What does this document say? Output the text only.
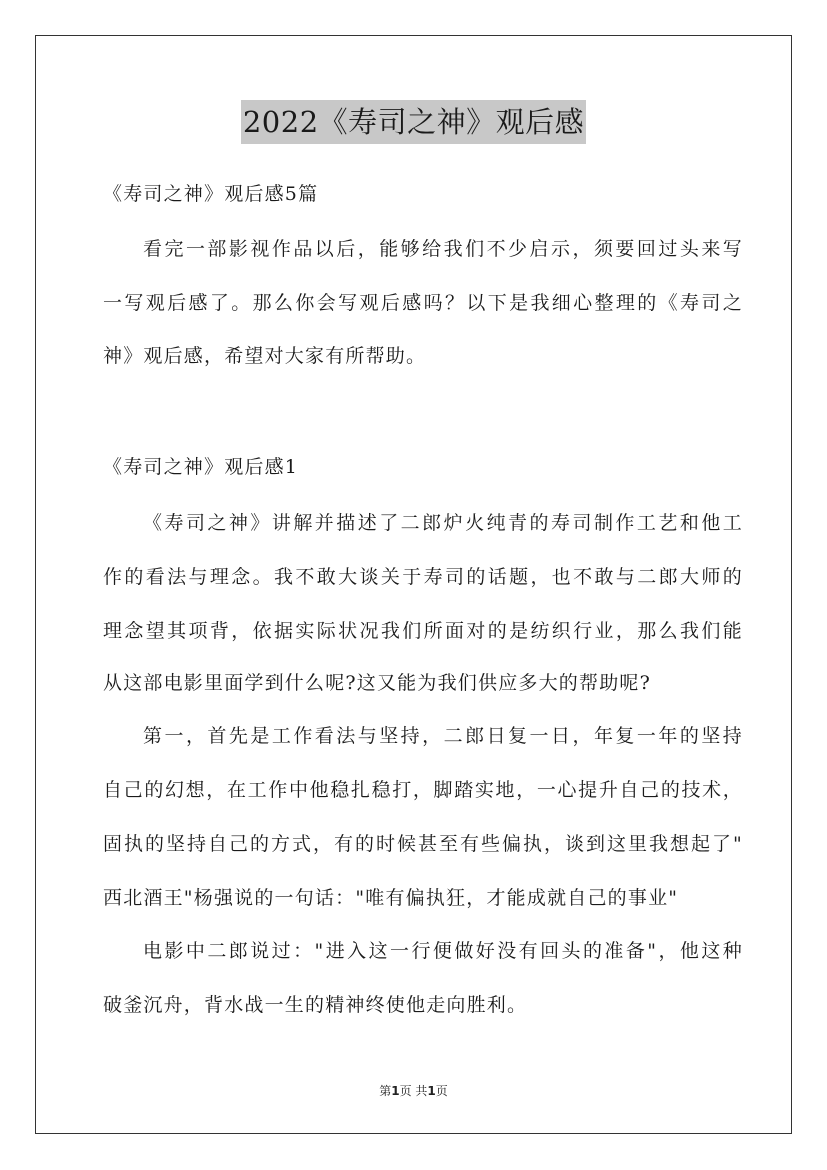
2022《寿司之神》观后感
《寿司之神》观后感5篇
看完一部影视作品以后，能够给我们不少启示，须要回过头来写
一写观后感了。那么你会写观后感吗？以下是我细心整理的《寿司之
神》观后感，希望对大家有所帮助。
《寿司之神》观后感1
《寿司之神》讲解并描述了二郎炉火纯青的寿司制作工艺和他工
作的看法与理念。我不敢大谈关于寿司的话题，也不敢与二郎大师的
理念望其项背，依据实际状况我们所面对的是纺织行业，那么我们能
从这部电影里面学到什么呢?这又能为我们供应多大的帮助呢?
第一，首先是工作看法与坚持，二郎日复一日，年复一年的坚持
自己的幻想，在工作中他稳扎稳打，脚踏实地，一心提升自己的技术，
固执的坚持自己的方式，有的时候甚至有些偏执，谈到这里我想起了"
西北酒王"杨强说的一句话："唯有偏执狂，才能成就自己的事业"
电影中二郎说过："进入这一行便做好没有回头的准备"，他这种
破釜沉舟，背水战一生的精神终使他走向胜利。
第1页 共1页
